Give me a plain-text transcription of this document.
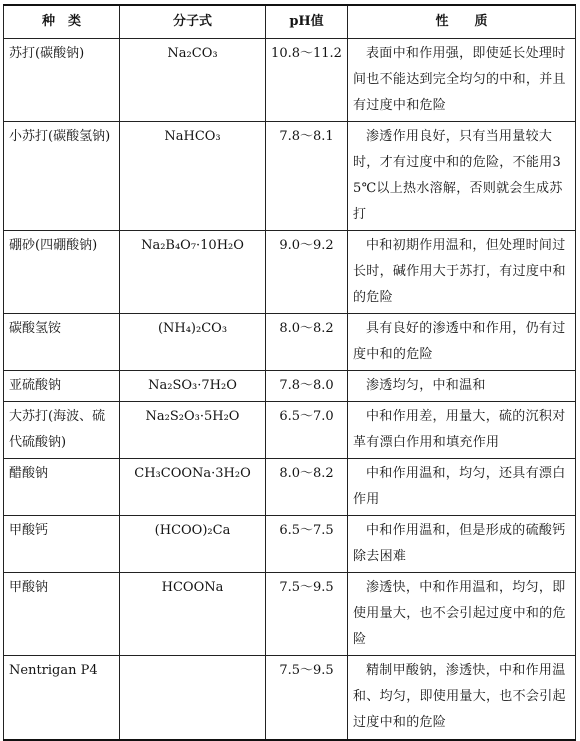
种　类	分子式	pH值	性　　质
苏打(碳酸钠)	Na₂CO₃	10.8～11.2	表面中和作用强，即使延长处理时间也不能达到完全均匀的中和，并且有过度中和危险
小苏打(碳酸氢钠)	NaHCO₃	7.8～8.1	渗透作用良好，只有当用量较大时，才有过度中和的危险，不能用35℃以上热水溶解，否则就会生成苏打
硼砂(四硼酸钠)	Na₂B₄O₇·10H₂O	9.0～9.2	中和初期作用温和，但处理时间过长时，碱作用大于苏打，有过度中和的危险
碳酸氢铵	(NH₄)₂CO₃	8.0～8.2	具有良好的渗透中和作用，仍有过度中和的危险
亚硫酸钠	Na₂SO₃·7H₂O	7.8～8.0	渗透均匀，中和温和
大苏打(海波、硫代硫酸钠)	Na₂S₂O₃·5H₂O	6.5～7.0	中和作用差，用量大，硫的沉积对革有漂白作用和填充作用
醋酸钠	CH₃COONa·3H₂O	8.0～8.2	中和作用温和，均匀，还具有漂白作用
甲酸钙	(HCOO)₂Ca	6.5～7.5	中和作用温和，但是形成的硫酸钙除去困难
甲酸钠	HCOONa	7.5～9.5	渗透快，中和作用温和，均匀，即使用量大，也不会引起过度中和的危险
Nentrigan P4		7.5～9.5	精制甲酸钠，渗透快，中和作用温和、均匀，即使用量大，也不会引起过度中和的危险
